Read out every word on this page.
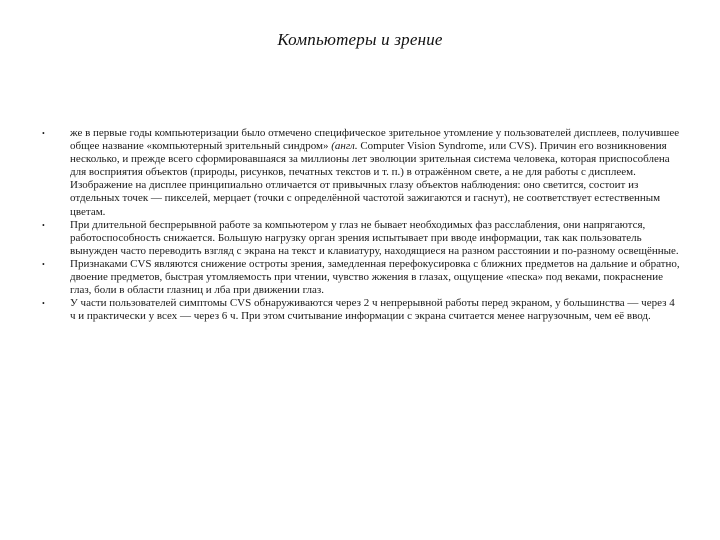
Компьютеры и зрение
•	же в первые годы компьютеризации было отмечено специфическое зрительное утомление у пользователей дисплеев, получившее общее название «компьютерный зрительный синдром» (англ. Computer Vision Syndrome, или CVS). Причин его возникновения несколько, и прежде всего сформировавшаяся за миллионы лет эволюции зрительная система человека, которая приспособлена для восприятия объектов (природы, рисунков, печатных текстов и т. п.) в отражённом свете, а не для работы с дисплеем. Изображение на дисплее принципиально отличается от привычных глазу объектов наблюдения: оно светится, состоит из отдельных точек — пикселей, мерцает (точки с определённой частотой зажигаются и гаснут), не соответствует естественным цветам.
•	При длительной беспрерывной работе за компьютером у глаз не бывает необходимых фаз расслабления, они напрягаются, работоспособность снижается. Большую нагрузку орган зрения испытывает при вводе информации, так как пользователь вынужден часто переводить взгляд с экрана на текст и клавиатуру, находящиеся на разном расстоянии и по-разному освещённые.
•	Признаками CVS являются снижение остроты зрения, замедленная перефокусировка с ближних предметов на дальние и обратно, двоение предметов, быстрая утомляемость при чтении, чувство жжения в глазах, ощущение «песка» под веками, покраснение глаз, боли в области глазниц и лба при движении глаз.
•	У части пользователей симптомы CVS обнаруживаются через 2 ч непрерывной работы перед экраном, у большинства — через 4 ч и практически у всех — через 6 ч. При этом считывание информации с экрана считается менее нагрузочным, чем её ввод.
